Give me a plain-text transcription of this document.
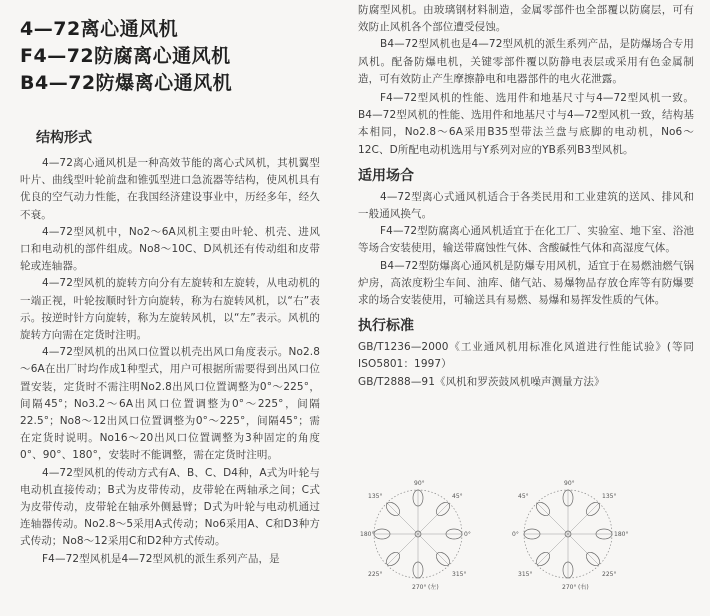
4—72离心通风机
F4—72防腐离心通风机
B4—72防爆离心通风机
结构形式

4—72离心通风机是一种高效节能的离心式风机，其机翼型叶片、曲线型叶轮前盘和锥弧型进口急流器等结构，使风机具有优良的空气动力性能，在我国经济建设事业中，历经多年，经久不衰。

4—72型风机中，No2～6A风机主要由叶轮、机壳、进风口和电动机的部件组成。No8～10C、D风机还有传动组和皮带轮或连轴器。

4—72型风机的旋转方向分有左旋转和左旋转，从电动机的一端正视，叶轮按顺时针方向旋转，称为右旋转风机，以“右”表示。按逆时针方向旋转，称为左旋转风机，以“左”表示。风机的旋转方向需在定货时注明。

4—72型风机的出风口位置以机壳出风口角度表示。No2.8～6A在出厂时均作成1种型式，用户可根据所需要得到出风口位置安装，定货时不需注明No2.8出风口位置调整为0°～225°，间隔45°；No3.2～6A出风口位置调整为0°～225°，间隔22.5°；No8～12出风口位置调整为0°～225°，间隔45°；需在定货时说明。No16～20出风口位置调整为3种固定的角度0°、90°、180°，安装时不能调整，需在定货时注明。

4—72型风机的传动方式有A、B、C、D4种，A式为叶轮与电动机直接传动；B式为皮带传动，皮带轮在两轴承之间；C式为皮带传动，皮带轮在轴承外侧悬臂；D式为叶轮与电动机通过连轴器传动。No2.8～5采用A式传动；No6采用A、C和D3种方式传动；No8～12采用C和D2种方式传动。

F4—72型风机是4—72型风机的派生系列产品，是

防腐型风机。由玻璃钢材料制造，金属零部件也全部覆以防腐层，可有效防止风机各个部位遭受侵蚀。

B4—72型风机也是4—72型风机的派生系列产品，是防爆场合专用风机。配备防爆电机，关键零部件覆以防静电表层或采用有色金属制造，可有效防止产生摩擦静电和电器部件的电火花泄露。

F4—72型风机的性能、选用件和地基尺寸与4—72型风机一致。B4—72型风机的性能、选用件和地基尺寸与4—72型风机一致，结构基本相同，No2.8～6A采用B35型带法兰盘与底脚的电动机，No6～12C、D所配电动机选用与Y系列对应的YB系列B3型风机。

适用场合

4—72型离心式通风机适合于各类民用和工业建筑的送风、排风和一般通风换气。

F4—72型防腐离心通风机适宜于在化工厂、实验室、地下室、浴池等场合安装使用，输送带腐蚀性气体、含酸碱性气体和高湿度气体。

B4—72型防爆离心通风机是防爆专用风机，适宜于在易燃油燃气锅炉房，高浓度粉尘车间、油库、储气站、易爆物品存放仓库等有防爆要求的场合安装使用，可输送具有易燃、易爆和易挥发性质的气体。

执行标准

GB/T1236—2000《工业通风机用标准化风道进行性能试验》(等同ISO5801：1997）

GB/T2888—91《风机和罗茨鼓风机噪声测量方法》

90°
45°
0°
315°
270°
225°
180°
135°
(左)
90°
135°
180°
225°
270°
315°
0°
45°
(右)
